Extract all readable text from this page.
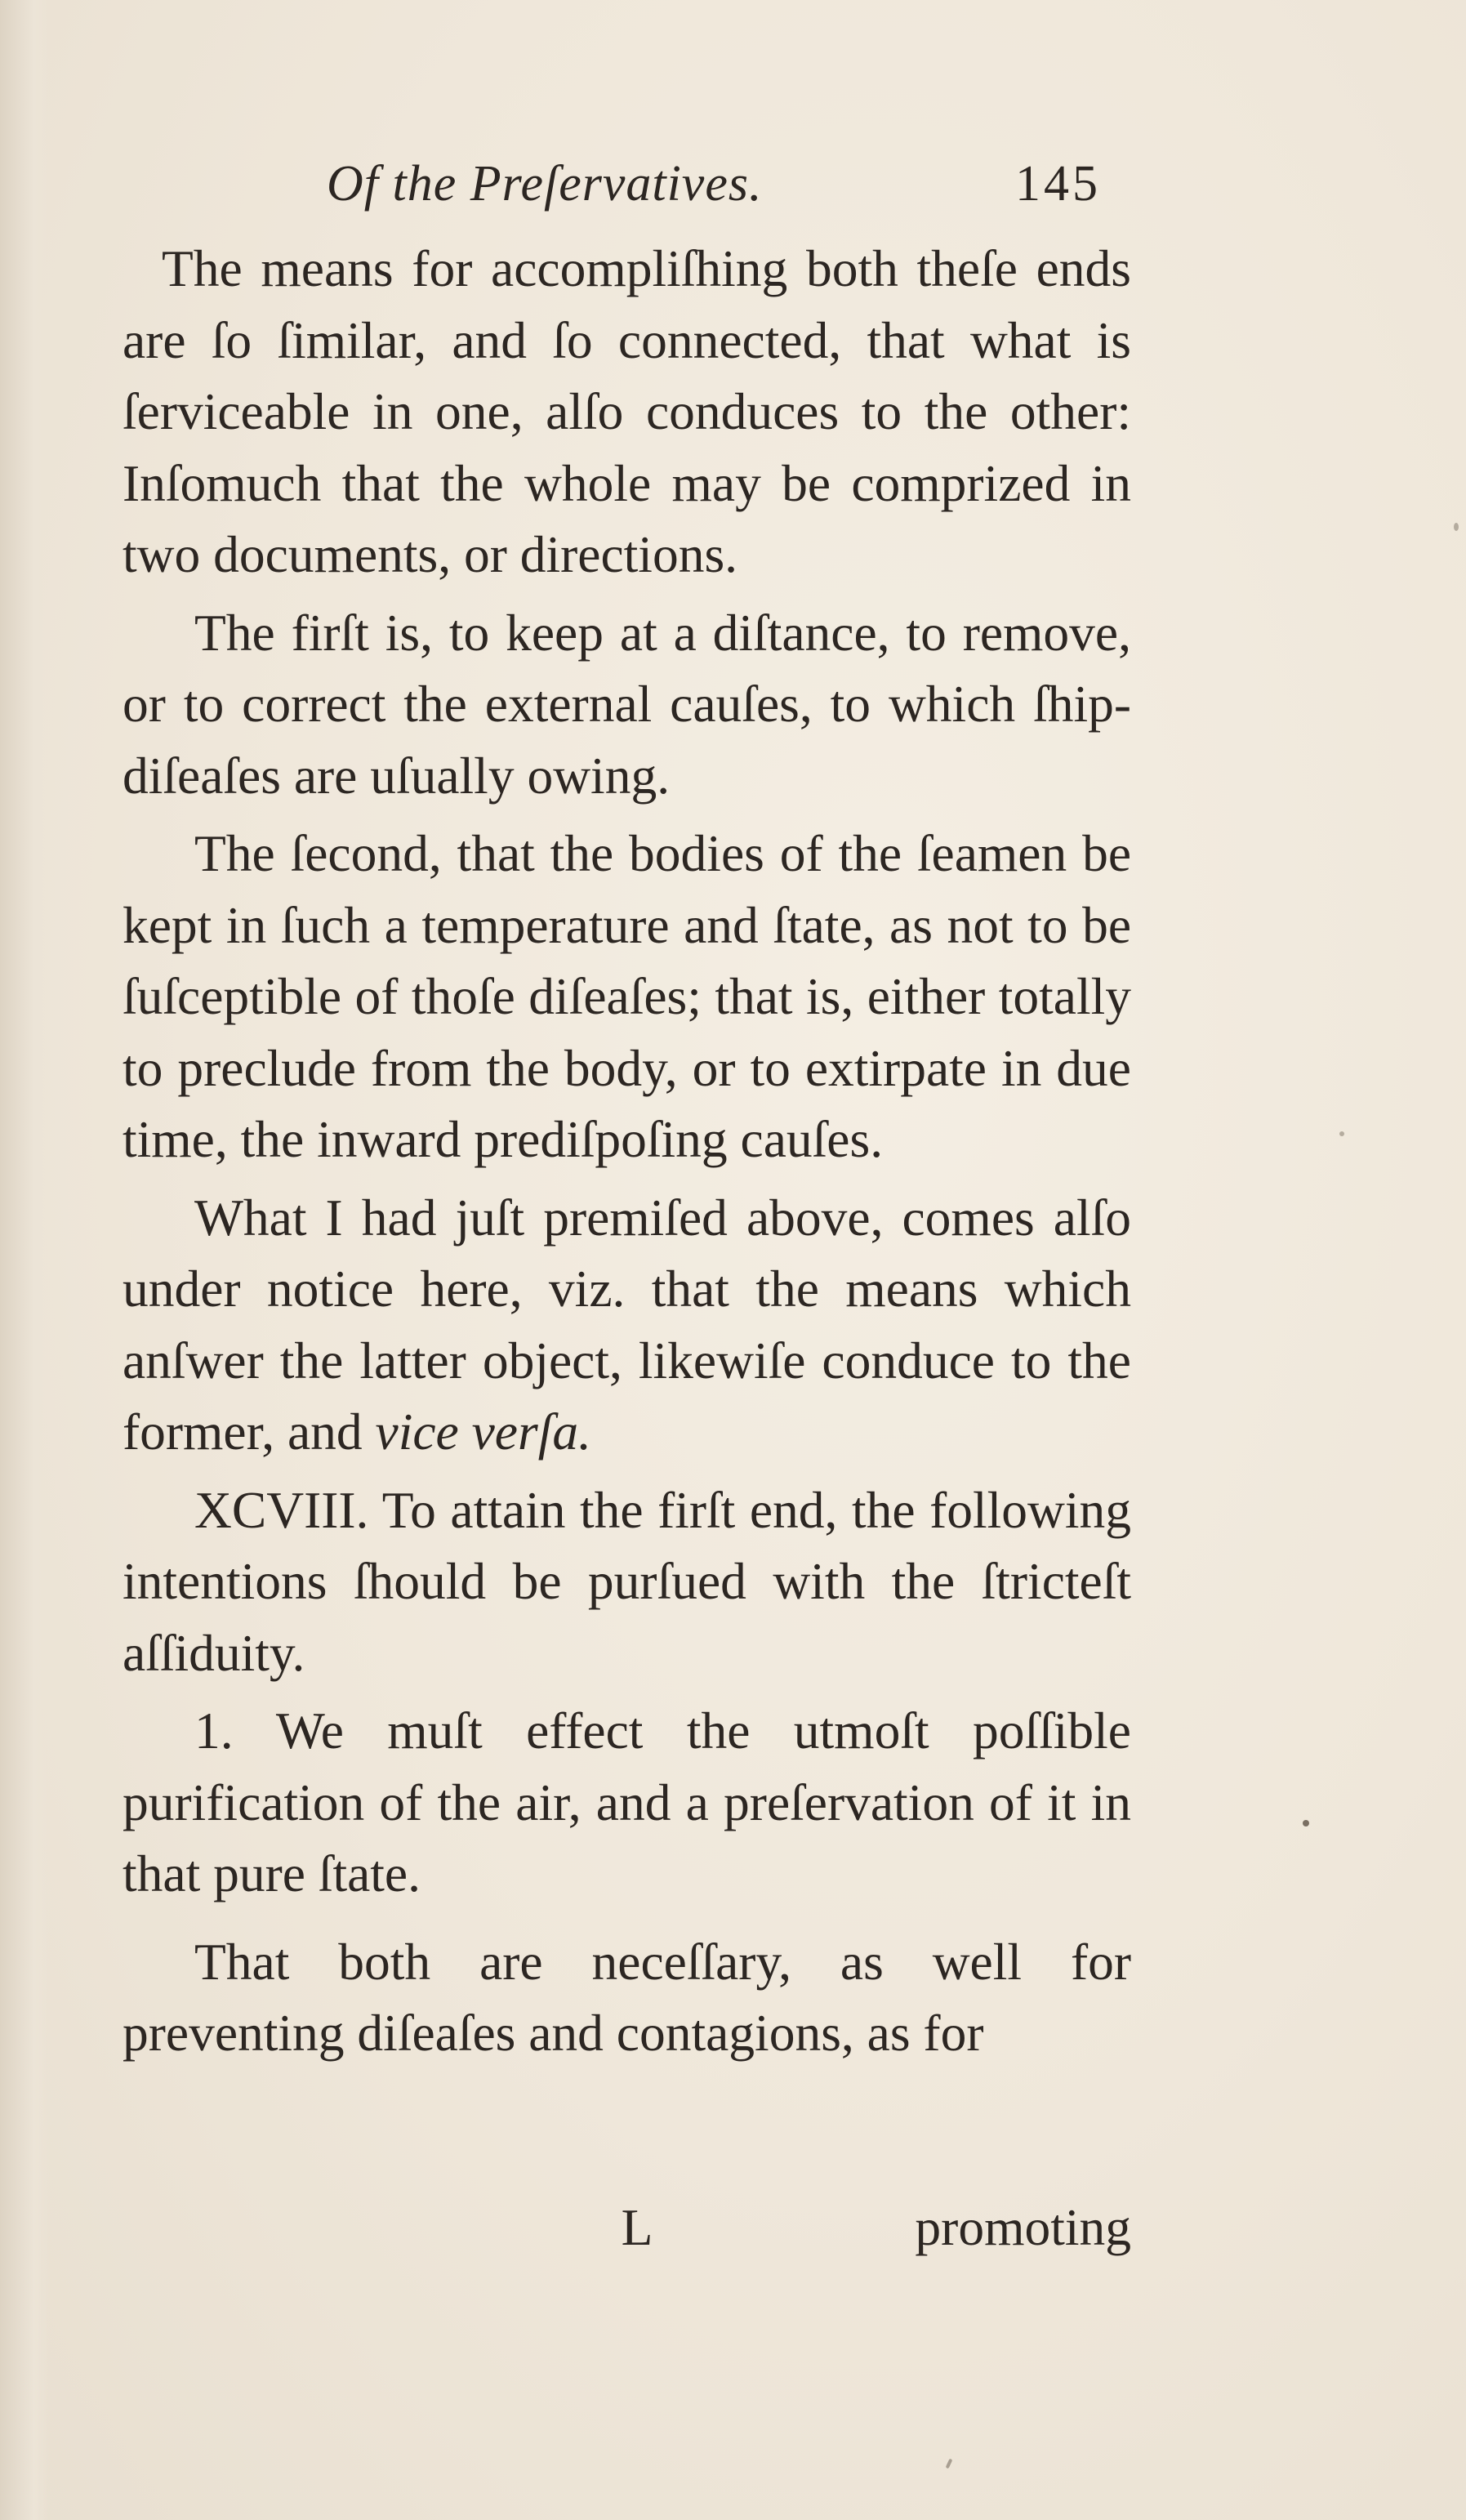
Of the Preſervatives.	145

The means for accompliſhing both theſe ends are ſo ſimilar, and ſo connected, that what is ſerviceable in one, alſo conduces to the other: Inſomuch that the whole may be comprized in two documents, or directions.

The firſt is, to keep at a diſtance, to remove, or to correct the external cauſes, to which ſhip-diſeaſes are uſually owing.

The ſecond, that the bodies of the ſeamen be kept in ſuch a temperature and ſtate, as not to be ſuſceptible of thoſe diſeaſes; that is, either totally to preclude from the body, or to extirpate in due time, the inward prediſpoſing cauſes.

What I had juſt premiſed above, comes alſo under notice here, viz. that the means which anſwer the latter object, likewiſe conduce to the former, and vice verſa.

XCVIII. To attain the firſt end, the following intentions ſhould be purſued with the ſtricteſt aſſiduity.

1. We muſt effect the utmoſt poſſible purification of the air, and a preſervation of it in that pure ſtate.

That both are neceſſary, as well for preventing diſeaſes and contagions, as for

L	promoting
